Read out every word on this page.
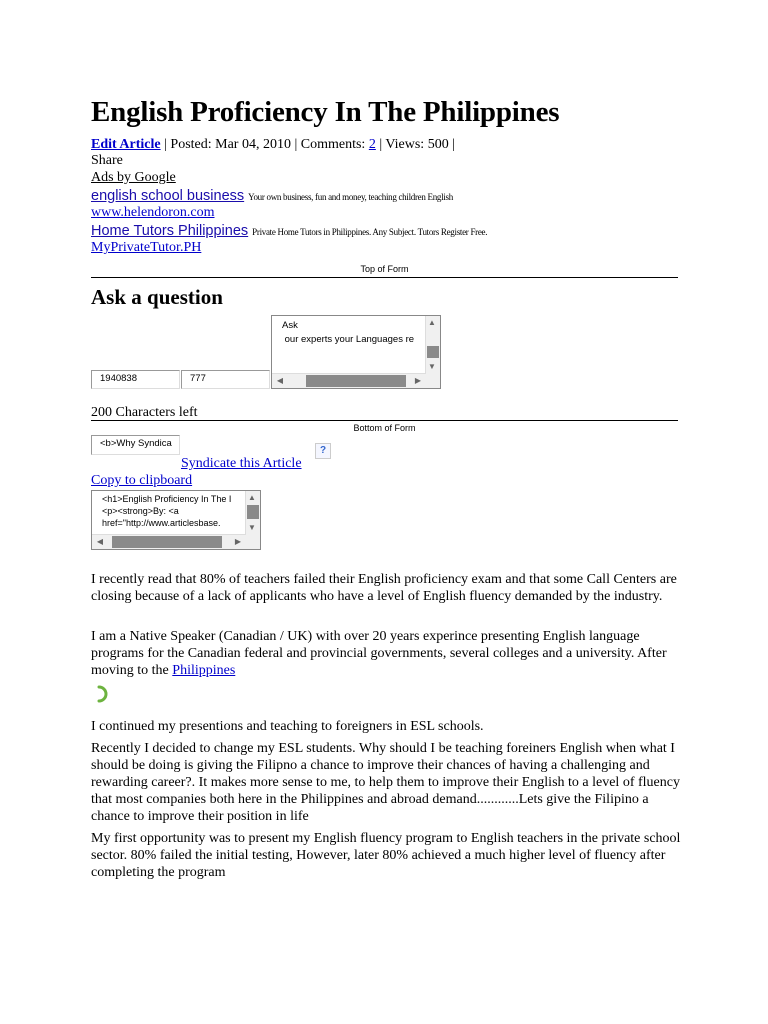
English Proficiency In The Philippines
Edit Article | Posted: Mar 04, 2010 | Comments: 2 | Views: 500 |
Share
Ads by Google
english school business Your own business, fun and money, teaching children English
www.helendoron.com
Home Tutors Philippines Private Home Tutors in Philippines. Any Subject. Tutors Register Free.
MyPrivateTutor.PH
Top of Form
Ask a question
1940838	777
Ask
our experts your Languages re
▲
▼
◀	▶
200 Characters left
Bottom of Form
<b>Why Syndica
?
Syndicate this Article
Copy to clipboard
<h1>English Proficiency In The I
<p><strong>By: <a
href="http://www.articlesbase.
▲
▼
◀	▶

I recently read that 80% of teachers failed their English proficiency exam and that some Call Centers are closing because of a lack of applicants who have a level of English fluency demanded by the industry.

I am a Native Speaker (Canadian / UK) with over 20 years experince presenting English language programs for the Canadian federal and provincial governments, several colleges and a university. After moving to the Philippines

I continued my presentions and teaching to foreigners in ESL schools.

Recently I decided to change my ESL students. Why should I be teaching foreiners English when what I should be doing is giving the Filipno a chance to improve their chances of having a challenging and rewarding career?. It makes more sense to me, to help them to improve their English to a level of fluency that most companies both here in the Philippines and abroad demand............Lets give the Filipino a chance to improve their position in life

My first opportunity was to present my English fluency program to English teachers in the private school sector. 80% failed the initial testing, However, later 80% achieved a much higher level of fluency after completing the program
